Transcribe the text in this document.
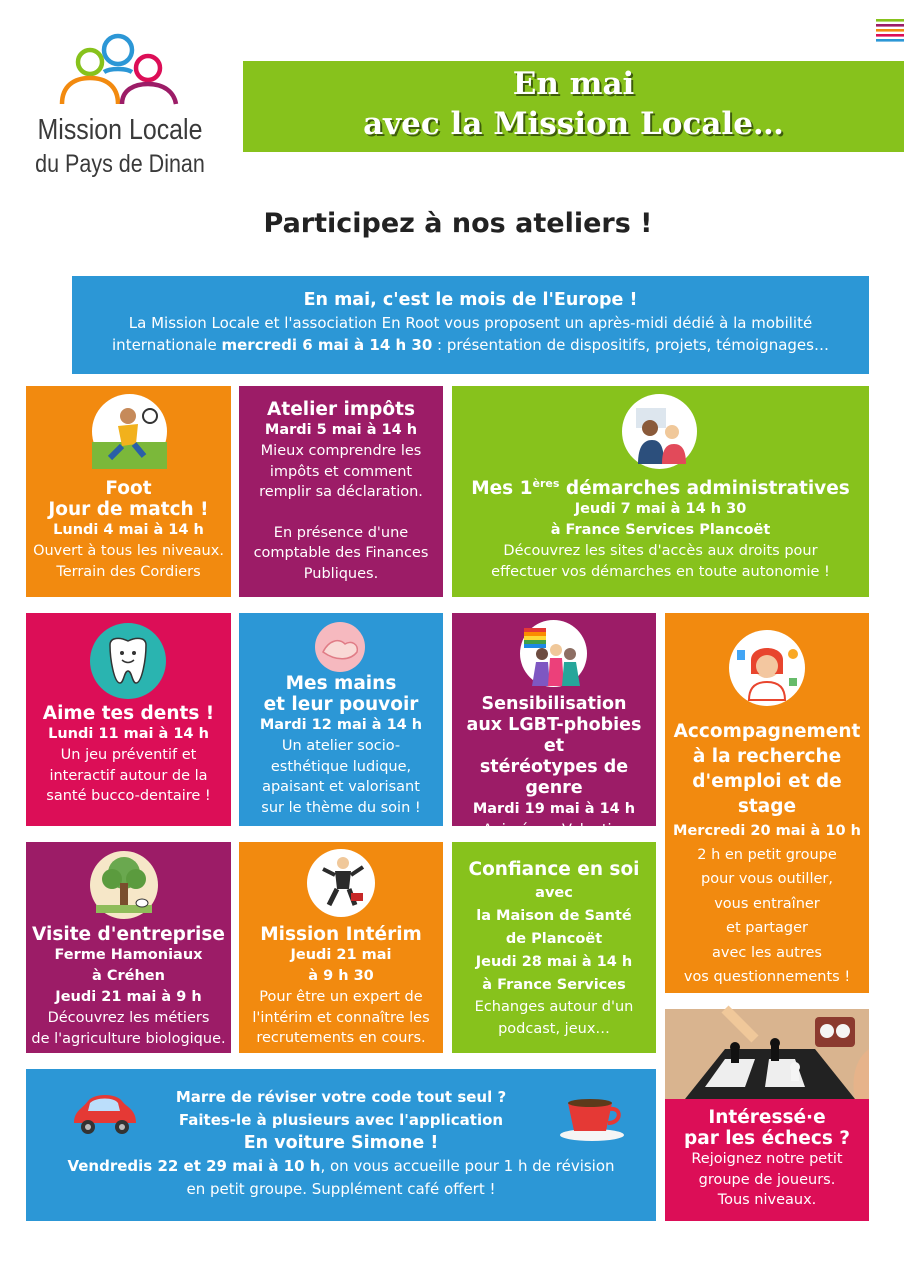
Mission Locale
du Pays de Dinan
En mai
avec la Mission Locale…
Participez à nos ateliers !
En mai, c'est le mois de l'Europe !
La Mission Locale et l'association En Root vous proposent un après-midi dédié à la mobilité
internationale mercredi 6 mai à 14 h 30 : présentation de dispositifs, projets, témoignages…
Foot
Jour de match !
Lundi 4 mai à 14 h
Ouvert à tous les niveaux.
Terrain des Cordiers
Atelier impôts
Mardi 5 mai à 14 h
Mieux comprendre les
impôts et comment
remplir sa déclaration.
En présence d'une
comptable des Finances
Publiques.
Mes 1ères démarches administratives
Jeudi 7 mai à 14 h 30
à France Services Plancoët
Découvrez les sites d'accès aux droits pour
effectuer vos démarches en toute autonomie !
Aime tes dents !
Lundi 11 mai à 14 h
Un jeu préventif et
interactif autour de la
santé bucco-dentaire !
Mes mains
et leur pouvoir
Mardi 12 mai à 14 h
Un atelier socio-
esthétique ludique,
apaisant et valorisant
sur le thème du soin !
Sensibilisation
aux LGBT-phobies et
stéréotypes de genre
Mardi 19 mai à 14 h
Animé par Valentin,
Accompagnement
à la recherche
d'emploi et de stage
Mercredi 20 mai à 10 h
2 h en petit groupe
pour vous outiller,
vous entraîner
et partager
avec les autres
vos questionnements !
Visite d'entreprise
Ferme Hamoniaux
à Créhen
Jeudi 21 mai à 9 h
Découvrez les métiers
de l'agriculture biologique.
Mission Intérim
Jeudi 21 mai
à 9 h 30
Pour être un expert de
l'intérim et connaître les
recrutements en cours.
Confiance en soi
avec
la Maison de Santé
de Plancoët
Jeudi 28 mai à 14 h
à France Services
Echanges autour d'un
podcast, jeux…
Marre de réviser votre code tout seul ?
Faites-le à plusieurs avec l'application
En voiture Simone !
Vendredis 22 et 29 mai à 10 h, on vous accueille pour 1 h de révision
en petit groupe. Supplément café offert !
Intéressé·e
par les échecs ?
Rejoignez notre petit
groupe de joueurs.
Tous niveaux.
